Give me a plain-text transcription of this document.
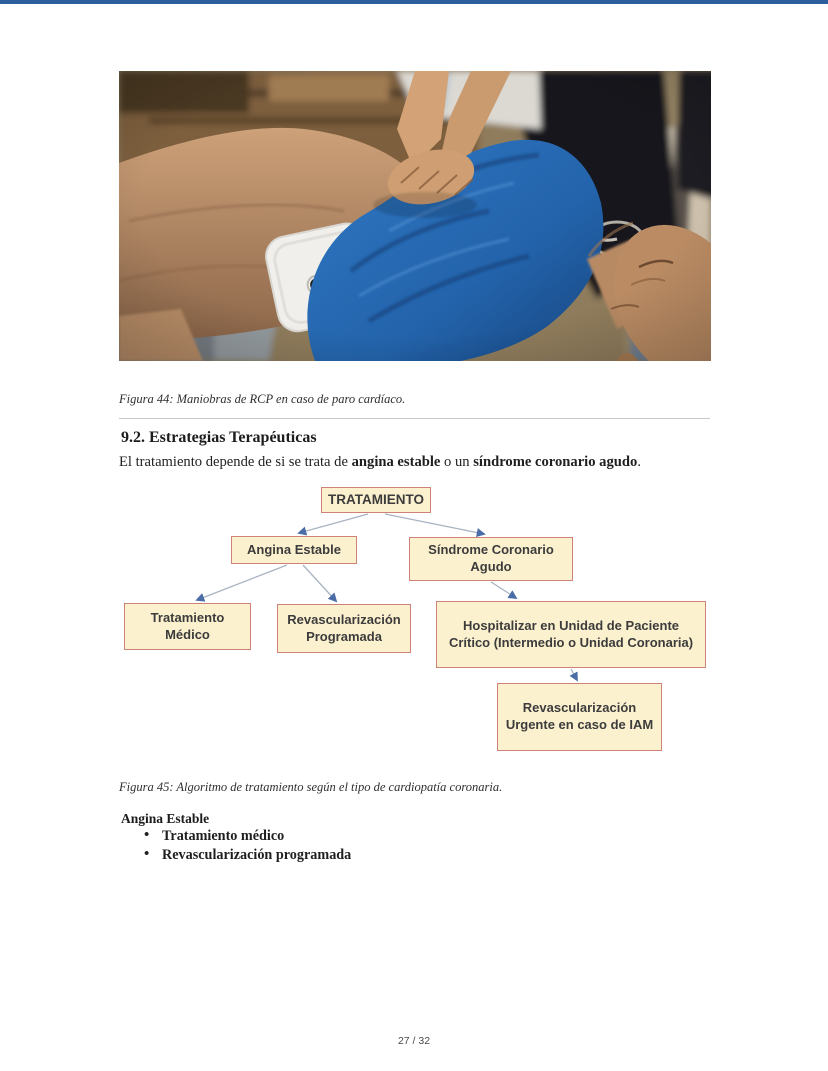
Figura 44: Maniobras de RCP en caso de paro cardíaco.

9.2. Estrategias Terapéuticas

El tratamiento depende de si se trata de angina estable o un síndrome coronario agudo.

TRATAMIENTO
Angina Estable	Síndrome Coronario Agudo
Tratamiento Médico
Revascularización Programada
Hospitalizar en Unidad de Paciente Crítico (Intermedio o Unidad Coronaria)
Revascularización Urgente en caso de IAM

Figura 45: Algoritmo de tratamiento según el tipo de cardiopatía coronaria.

Angina Estable
• Tratamiento médico
• Revascularización programada
27 / 32
